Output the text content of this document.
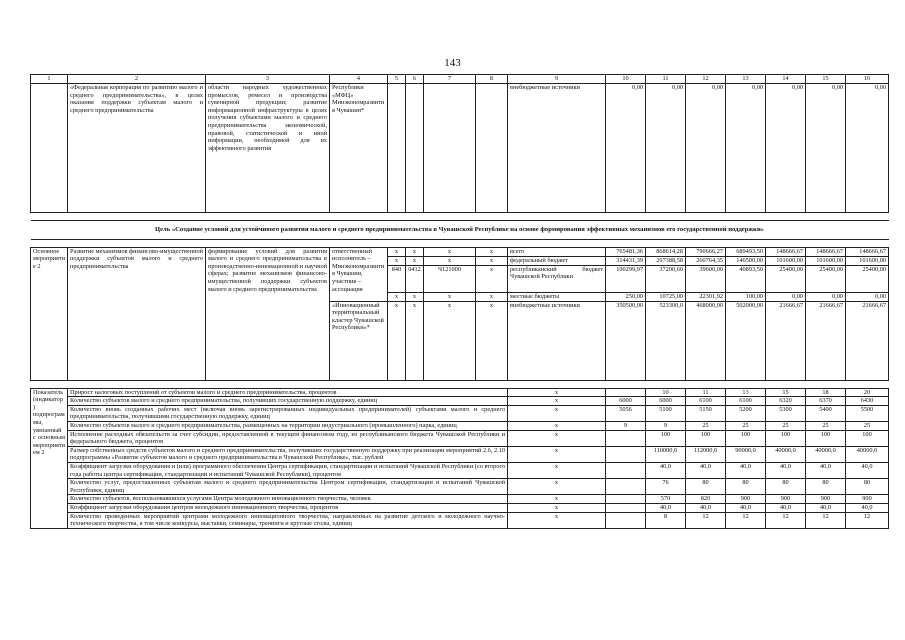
143
1	2	3	4	5	6	7	8	9	10	11	12	13	14	15	16
	«Федеральная корпорация по развитию малого и среднего предпринимательства», в целях оказания поддержки субъектам малого и среднего предпринимательства	области народных художественных промыслов, ремесел и производства сувенирной продукции; развитие информационной инфраструктуры в целях получения субъектами малого и среднего предпринимательства экономической, правовой, статистической и иной информации, необходимой для их эффективного развития	Республики «МФЦ» Минэкономразвития Чувашии*					внебюджетные источники	0,00	0,00	0,00	0,00	0,00	0,00	0,00

Цель «Создание условий для устойчивого развития малого и среднего предпринимательства в Чувашской Республике на основе формирования эффективных механизмов его государственной поддержки»															

Основное мероприятие 2	Развитие механизмов финансово-имущественной поддержки субъектов малого и среднего предпринимательства	формирование условий для развития малого и среднего предпринимательства в производственно-инновационной и научной сферах; развитие механизмов финансово-имущественной поддержки субъектов малого и среднего предпринимательства	ответственный исполнитель – Минэкономразвития Чувашии, участник – ассоциация	x	x	x	x	всего	765481,36	868614,28	790666,27	689493,50	148666,67	148666,67	148666,67
				x	x	x	x	федеральный бюджет	314431,39	297388,58	260764,35	146500,00	101600,00	101600,00	101600,00
				840	0412	Ч121000	x	республиканский бюджет Чувашской Республики	100299,97	37200,60	39600,00	40893,50	25400,00	25400,00	25400,00
				x	x	x	x	местные бюджеты	250,00	10725,00	22301,92	100,00	0,00	0,00	0,00
			«Инновационный территориальный кластер Чувашской Республики»*	x	x	x	x	внебюджетные источники	350500,00	523300,0	468000,00	502000,00	21666,67	21666,67	21666,67

Показатель (индикатор) подпрограммы, увязанный с основным мероприятием 2	Прирост налоговых поступлений от субъектов малого и среднего предпринимательства, процентов							x		10	11	13	15	18	20
	Количество субъектов малого и среднего предпринимательства, получивших государственную поддержку, единиц							x	6000	6000	6100	6100	6320	6370	6430
	Количество вновь созданных рабочих мест (включая вновь зарегистрированных индивидуальных предпринимателей) субъектами малого и среднего предпринимательства, получившими государственную поддержку, единиц							x	5056	5100	5150	5200	5300	5400	5500
	Количество субъектов малого и среднего предпринимательства, размещенных на территории индустриального (промышленного) парка, единиц							x	9	9	25	25	25	25	25
	Исполнение расходных обязательств за счет субсидии, предоставленной в текущем финансовом году, из республиканского бюджета Чувашской Республики и федерального бюджета, процентов							x		100	100	100	100	100	100
	Размер собственных средств субъектов малого и среднего предпринимательства, получивших государственную поддержку при реализации мероприятий 2.6, 2.10 подпрограммы «Развитие субъектов малого и среднего предпринимательства в Чувашской Республике», тыс. рублей							x		110000,0	112000,0	90000,0	40000,0	40000,0	40000,0
	Коэффициент загрузки оборудования и (или) программного обеспечения Центра сертификации, стандартизации и испытаний Чувашской Республики (со второго года работы центра сертификации, стандартизации и испытаний Чувашской Республики), процентов							x		40,0	40,0	40,0	40,0	40,0	40,0
	Количество услуг, предоставленных субъектам малого и среднего предпринимательства Центром сертификации, стандартизации и испытаний Чувашской Республики, единиц							x		76	80	80	80	80	80
	Количество субъектов, воспользовавшихся услугами Центра молодежного инновационного творчества, человек							x		570	820	900	900	900	900
	Коэффициент загрузки оборудования центров молодежного инновационного творчества, процентов							x		40,0	40,0	40,0	40,0	40,0	40,0
	Количество проведенных мероприятий центрами молодежного инновационного творчества, направленных на развитие детского и молодежного научно-технического творчества, в том числе конкурсы, выставки, семинары, тренинги и круглые столы, единиц							x		8	12	12	12	12	12
